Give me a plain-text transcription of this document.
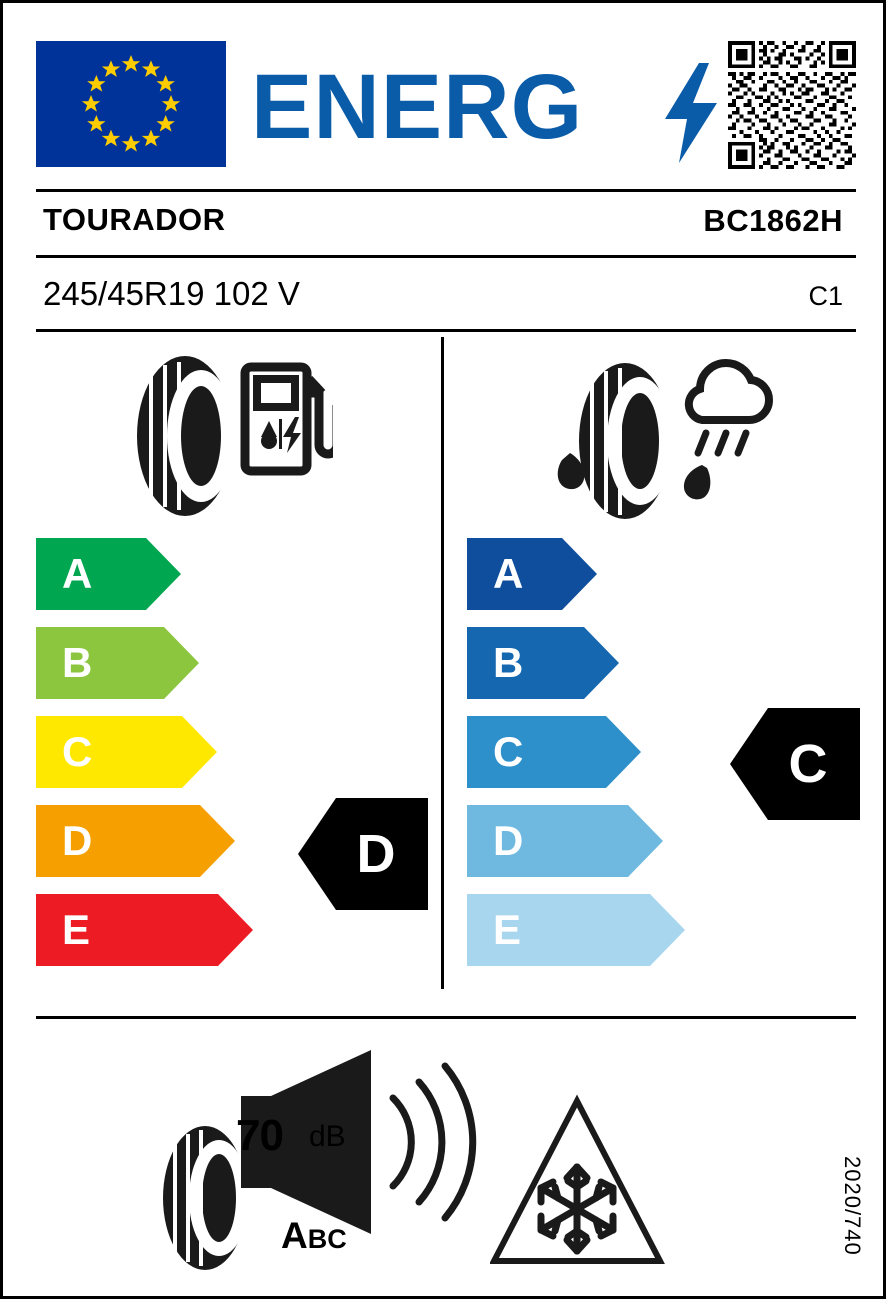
ENERG
TOURADOR	BC1862H
245/45R19 102 V	C1
A
B
C
D
E
A
B
C
D
E
D
C
70 dB
ABC	2020/740
